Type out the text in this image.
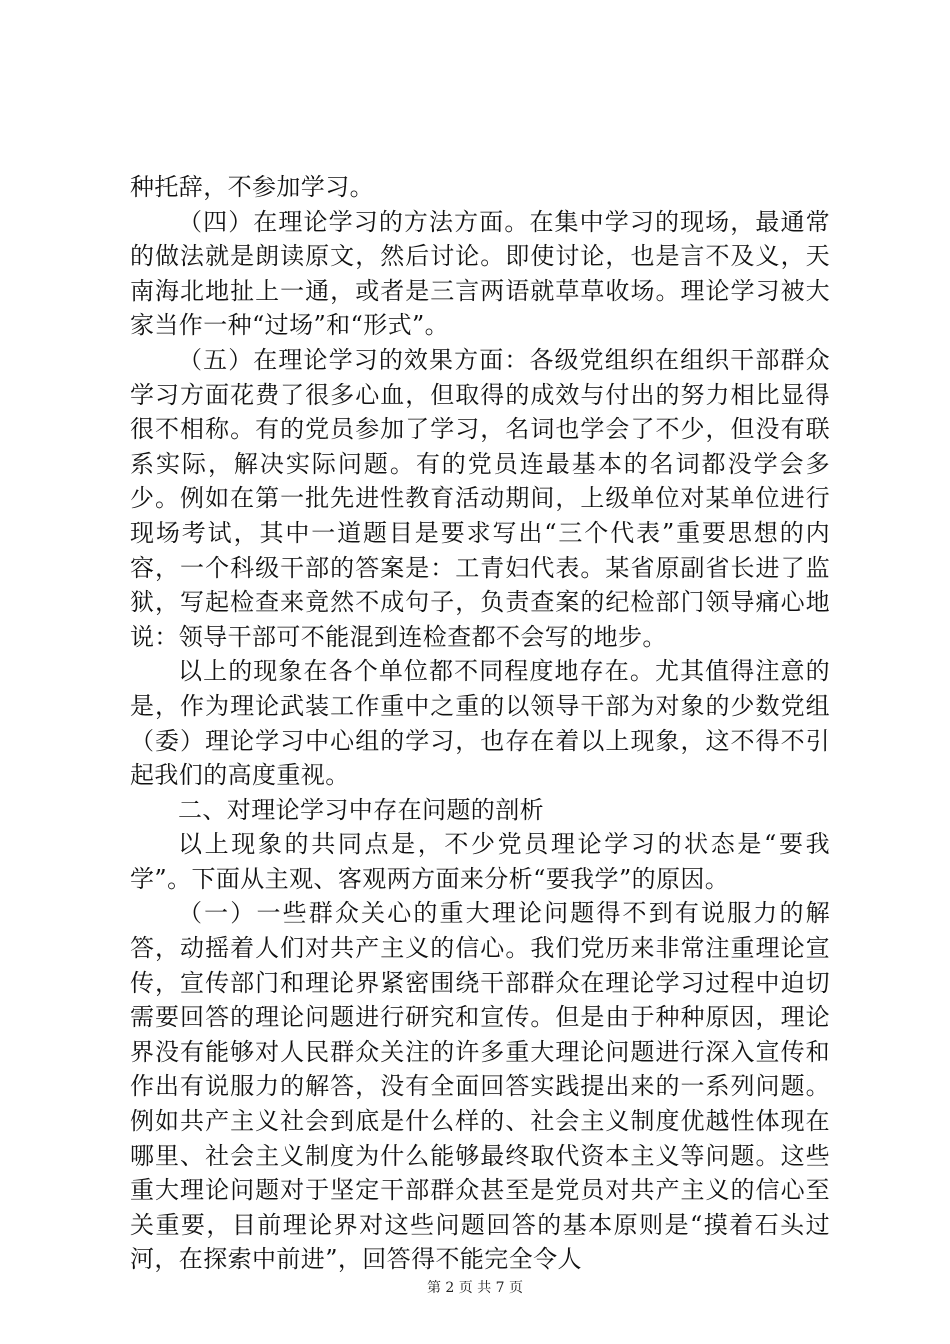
种托辞，不参加学习。

（四）在理论学习的方法方面。在集中学习的现场，最通常的做法就是朗读原文，然后讨论。即使讨论，也是言不及义，天南海北地扯上一通，或者是三言两语就草草收场。理论学习被大家当作一种“过场”和“形式”。

（五）在理论学习的效果方面：各级党组织在组织干部群众学习方面花费了很多心血，但取得的成效与付出的努力相比显得很不相称。有的党员参加了学习，名词也学会了不少，但没有联系实际，解决实际问题。有的党员连最基本的名词都没学会多少。例如在第一批先进性教育活动期间，上级单位对某单位进行现场考试，其中一道题目是要求写出“三个代表”重要思想的内容，一个科级干部的答案是：工青妇代表。某省原副省长进了监狱，写起检查来竟然不成句子，负责查案的纪检部门领导痛心地说：领导干部可不能混到连检查都不会写的地步。

以上的现象在各个单位都不同程度地存在。尤其值得注意的是，作为理论武装工作重中之重的以领导干部为对象的少数党组（委）理论学习中心组的学习，也存在着以上现象，这不得不引起我们的高度重视。

二、对理论学习中存在问题的剖析

以上现象的共同点是，不少党员理论学习的状态是“要我学”。下面从主观、客观两方面来分析“要我学”的原因。

（一）一些群众关心的重大理论问题得不到有说服力的解答，动摇着人们对共产主义的信心。我们党历来非常注重理论宣传，宣传部门和理论界紧密围绕干部群众在理论学习过程中迫切需要回答的理论问题进行研究和宣传。但是由于种种原因，理论界没有能够对人民群众关注的许多重大理论问题进行深入宣传和作出有说服力的解答，没有全面回答实践提出来的一系列问题。例如共产主义社会到底是什么样的、社会主义制度优越性体现在哪里、社会主义制度为什么能够最终取代资本主义等问题。这些重大理论问题对于坚定干部群众甚至是党员对共产主义的信心至关重要，目前理论界对这些问题回答的基本原则是“摸着石头过河，在探索中前进”，回答得不能完全令人

第 2 页 共 7 页
